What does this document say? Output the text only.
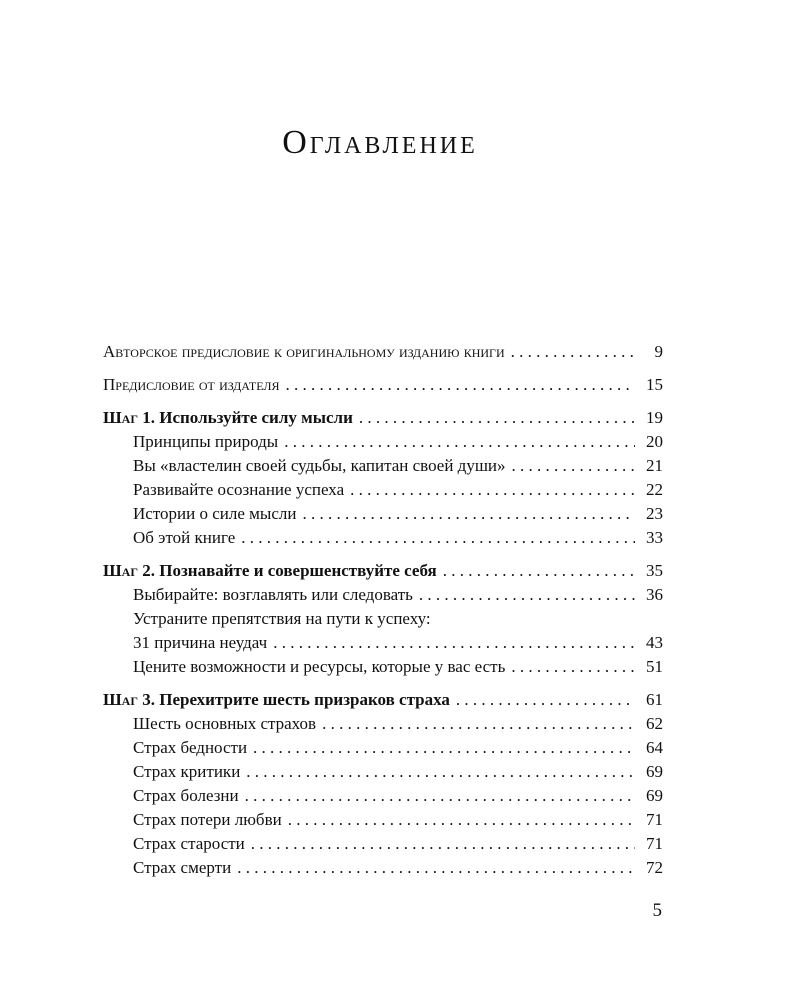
Оглавление
Авторское предисловие к оригинальному изданию книги . . .	9
Предисловие от издателя . . .	15
Шаг 1. Используйте силу мысли . . .	19
Принципы природы . . .	20
Вы «властелин своей судьбы, капитан своей души» . . .	21
Развивайте осознание успеха . . .	22
Истории о силе мысли . . .	23
Об этой книге . . .	33
Шаг 2. Познавайте и совершенствуйте себя . . .	35
Выбирайте: возглавлять или следовать . . .	36
Устраните препятствия на пути к успеху:
31 причина неудач . . .	43
Цените возможности и ресурсы, которые у вас есть . . .	51
Шаг 3. Перехитрите шесть призраков страха . . .	61
Шесть основных страхов . . .	62
Страх бедности . . .	64
Страх критики . . .	69
Страх болезни . . .	69
Страх потери любви . . .	71
Страх старости . . .	71
Страх смерти . . .	72
5
